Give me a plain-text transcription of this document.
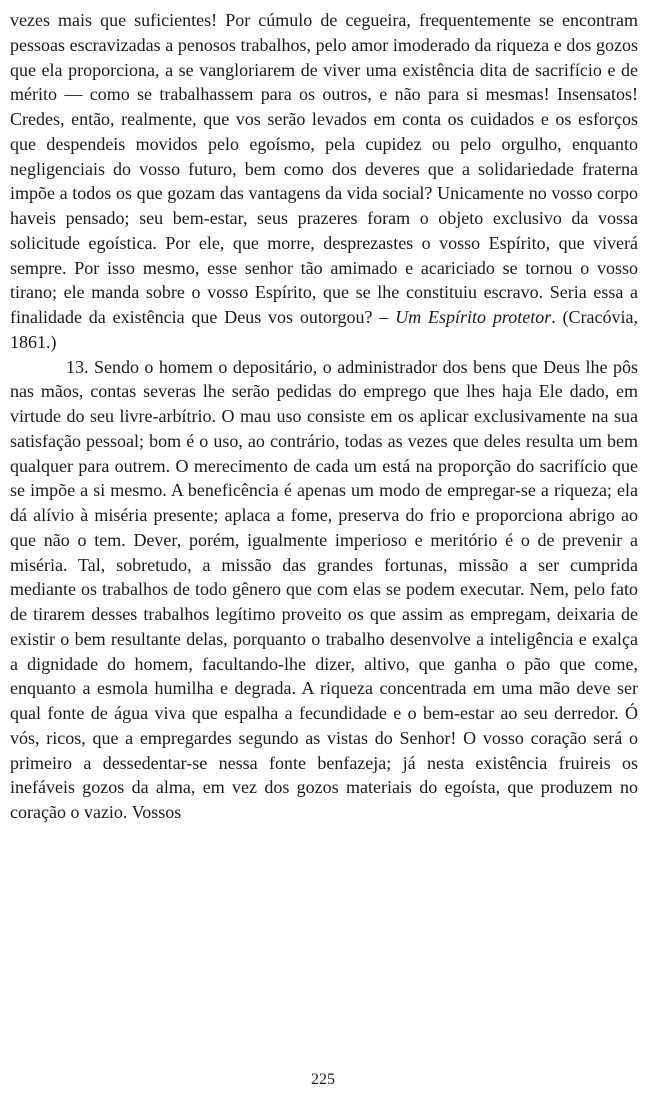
vezes mais que suficientes! Por cúmulo de cegueira, frequentemente se encontram pessoas escravizadas a penosos trabalhos, pelo amor imoderado da riqueza e dos gozos que ela proporciona, a se vangloriarem de viver uma existência dita de sacrifício e de mérito — como se trabalhassem para os outros, e não para si mesmas! Insensatos! Credes, então, realmente, que vos serão levados em conta os cuidados e os esforços que despendeis movidos pelo egoísmo, pela cupidez ou pelo orgulho, enquanto negligenciais do vosso futuro, bem como dos deveres que a solidariedade fraterna impõe a todos os que gozam das vantagens da vida social? Unicamente no vosso corpo haveis pensado; seu bem-estar, seus prazeres foram o objeto exclusivo da vossa solicitude egoística. Por ele, que morre, desprezastes o vosso Espírito, que viverá sempre. Por isso mesmo, esse senhor tão amimado e acariciado se tornou o vosso tirano; ele manda sobre o vosso Espírito, que se lhe constituiu escravo. Seria essa a finalidade da existência que Deus vos outorgou? – Um Espírito protetor. (Cracóvia, 1861.)

13. Sendo o homem o depositário, o administrador dos bens que Deus lhe pôs nas mãos, contas severas lhe serão pedidas do emprego que lhes haja Ele dado, em virtude do seu livre-arbítrio. O mau uso consiste em os aplicar exclusivamente na sua satisfação pessoal; bom é o uso, ao contrário, todas as vezes que deles resulta um bem qualquer para outrem. O merecimento de cada um está na proporção do sacrifício que se impõe a si mesmo. A beneficência é apenas um modo de empregar-se a riqueza; ela dá alívio à miséria presente; aplaca a fome, preserva do frio e proporciona abrigo ao que não o tem. Dever, porém, igualmente imperioso e meritório é o de prevenir a miséria. Tal, sobretudo, a missão das grandes fortunas, missão a ser cumprida mediante os trabalhos de todo gênero que com elas se podem executar. Nem, pelo fato de tirarem desses trabalhos legítimo proveito os que assim as empregam, deixaria de existir o bem resultante delas, porquanto o trabalho desenvolve a inteligência e exalça a dignidade do homem, facultando-lhe dizer, altivo, que ganha o pão que come, enquanto a esmola humilha e degrada. A riqueza concentrada em uma mão deve ser qual fonte de água viva que espalha a fecundidade e o bem-estar ao seu derredor. Ó vós, ricos, que a empregardes segundo as vistas do Senhor! O vosso coração será o primeiro a dessedentar-se nessa fonte benfazeja; já nesta existência fruireis os inefáveis gozos da alma, em vez dos gozos materiais do egoísta, que produzem no coração o vazio. Vossos

225
